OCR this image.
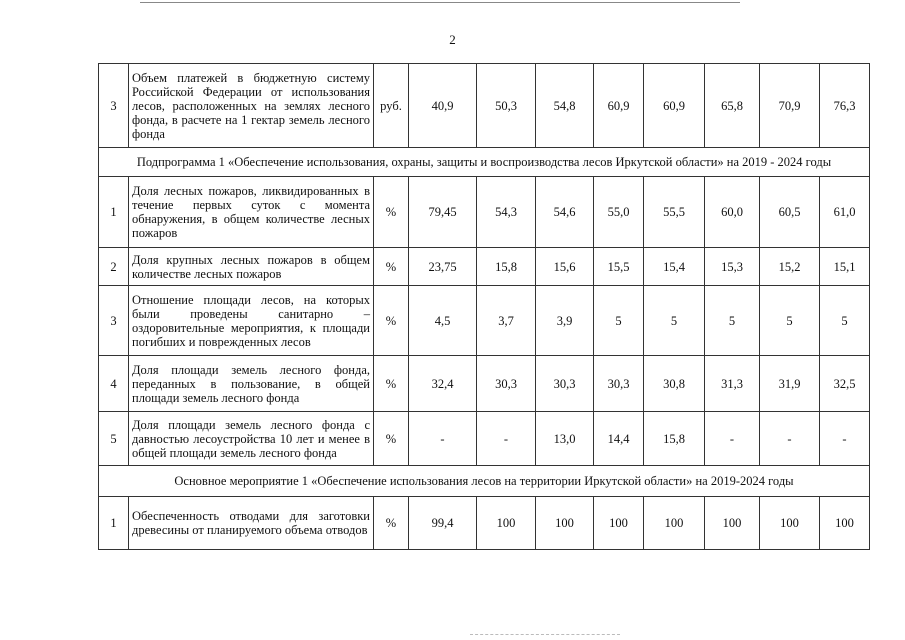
2
3	Объем платежей в бюджетную систему Российской Федерации от использования лесов, расположенных на землях лесного фонда, в расчете на 1 гектар земель лесного фонда	руб.	40,9	50,3	54,8	60,9	60,9	65,8	70,9	76,3
Подпрограмма 1 «Обеспечение использования, охраны, защиты и воспроизводства лесов Иркутской области» на 2019 - 2024 годы										
1	Доля лесных пожаров, ликвидированных в течение первых суток с момента обнаружения, в общем количестве лесных пожаров	%	79,45	54,3	54,6	55,0	55,5	60,0	60,5	61,0
2	Доля крупных лесных пожаров в общем количестве лесных пожаров	%	23,75	15,8	15,6	15,5	15,4	15,3	15,2	15,1
3	Отношение площади лесов, на которых были проведены санитарно – оздоровительные мероприятия, к площади погибших и поврежденных лесов	%	4,5	3,7	3,9	5	5	5	5	5
4	Доля площади земель лесного фонда, переданных в пользование, в общей площади земель лесного фонда	%	32,4	30,3	30,3	30,3	30,8	31,3	31,9	32,5
5	Доля площади земель лесного фонда с давностью лесоустройства 10 лет и менее в общей площади земель лесного фонда	%	-	-	13,0	14,4	15,8	-	-	-
Основное мероприятие 1 «Обеспечение использования лесов на территории Иркутской области» на 2019-2024 годы										
1	Обеспеченность отводами для заготовки древесины от планируемого объема отводов	%	99,4	100	100	100	100	100	100	100
